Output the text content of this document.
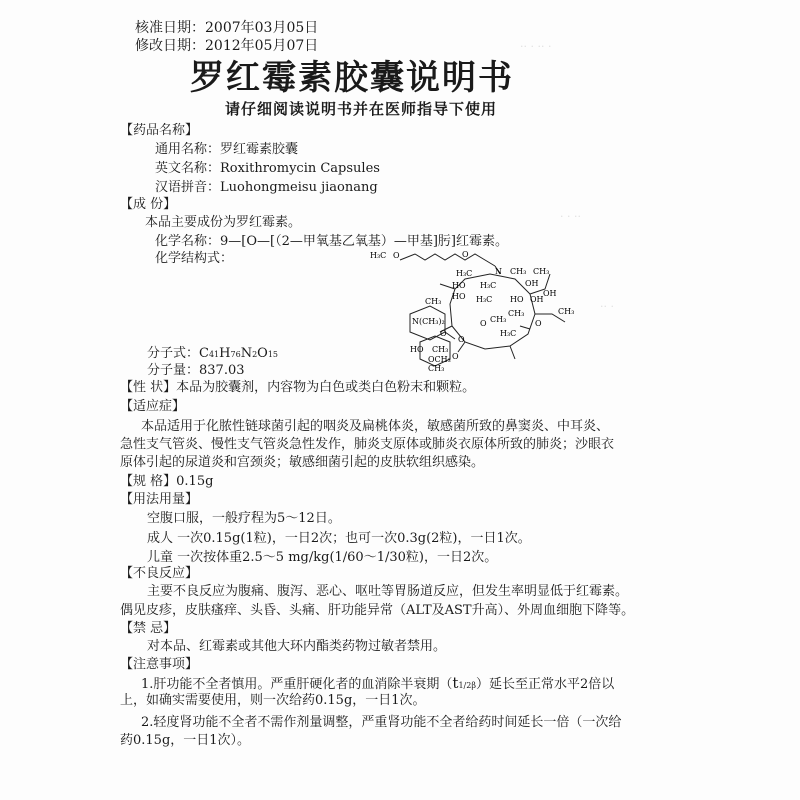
·· · ·· ·
· · ··
·· ·
核准日期：2007年03月05日
修改日期：2012年05月07日
罗红霉素胶囊说明书
请仔细阅读说明书并在医师指导下使用
【药品名称】
通用名称：罗红霉素胶囊
英文名称：Roxithromycin Capsules
汉语拼音：Luohongmeisu jiaonang
【成 份】
本品主要成份为罗红霉素。
化学名称：9—[O—[（2—甲氧基乙氧基）—甲基]肟]红霉素。
化学结构式：	H₃C O	O
N
H₃C
HO
HO
H₃C
CH₃ CH₃
OH
OH
H₃C HO OH
CH₃	CH₃
N(CH₃)₂
CH₃
O
O
O
H₃C
CH₃	O
HO CH₃
OCH₃
CH₃
O
分子式：C41H76N2O15
分子量：837.03
【性 状】本品为胶囊剂，内容物为白色或类白色粉末和颗粒。
【适应症】
本品适用于化脓性链球菌引起的咽炎及扁桃体炎，敏感菌所致的鼻窦炎、中耳炎、
急性支气管炎、慢性支气管炎急性发作，肺炎支原体或肺炎衣原体所致的肺炎；沙眼衣
原体引起的尿道炎和宫颈炎；敏感细菌引起的皮肤软组织感染。
【规 格】0.15g
【用法用量】
空腹口服，一般疗程为5～12日。
成人 一次0.15g(1粒)，一日2次；也可一次0.3g(2粒)，一日1次。
儿童 一次按体重2.5～5 mg/kg(1/60～1/30粒)，一日2次。
【不良反应】
主要不良反应为腹痛、腹泻、恶心、呕吐等胃肠道反应，但发生率明显低于红霉素。
偶见皮疹，皮肤瘙痒、头昏、头痛、肝功能异常（ALT及AST升高）、外周血细胞下降等。
【禁 忌】
对本品、红霉素或其他大环内酯类药物过敏者禁用。
【注意事项】
1.肝功能不全者慎用。严重肝硬化者的血消除半衰期（t1/2β）延长至正常水平2倍以
上，如确实需要使用，则一次给药0.15g，一日1次。
2.轻度肾功能不全者不需作剂量调整，严重肾功能不全者给药时间延长一倍（一次给
药0.15g，一日1次）。
